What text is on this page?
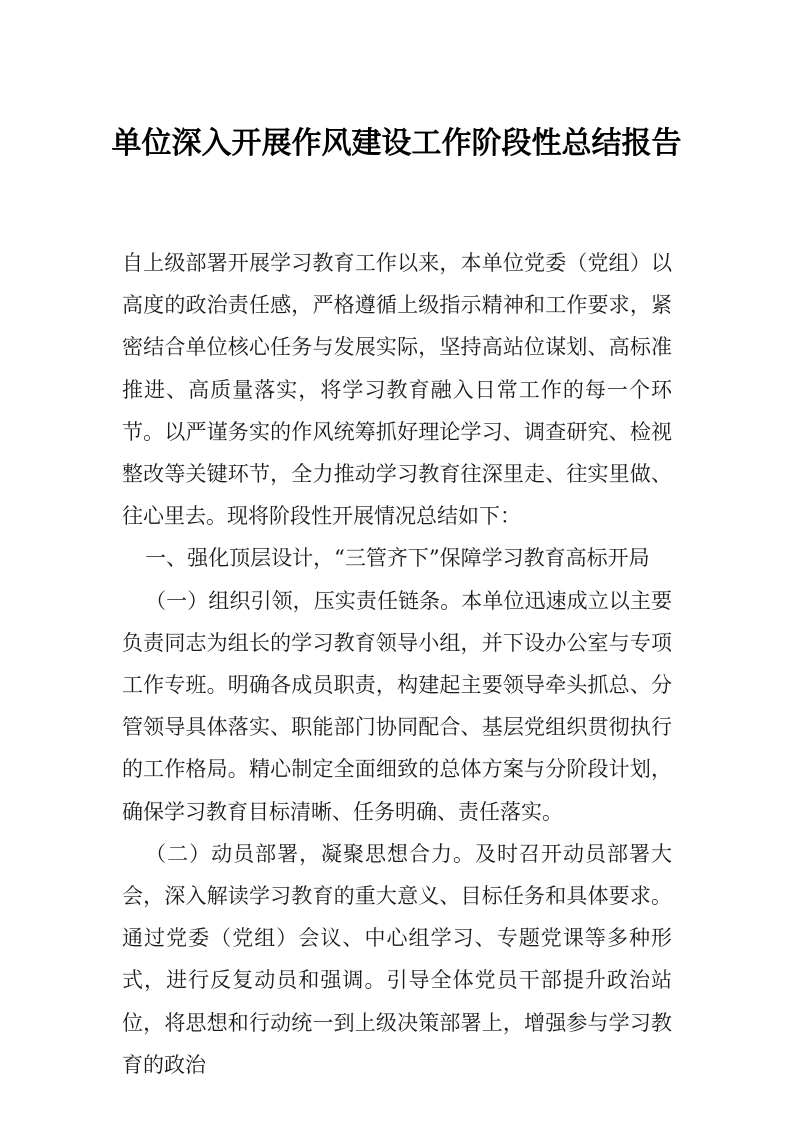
单位深入开展作风建设工作阶段性总结报告

自上级部署开展学习教育工作以来，本单位党委（党组）以高度的政治责任感，严格遵循上级指示精神和工作要求，紧密结合单位核心任务与发展实际，坚持高站位谋划、高标准推进、高质量落实，将学习教育融入日常工作的每一个环节。以严谨务实的作风统筹抓好理论学习、调查研究、检视整改等关键环节，全力推动学习教育往深里走、往实里做、往心里去。现将阶段性开展情况总结如下：

一、强化顶层设计，“三管齐下”保障学习教育高标开局

（一）组织引领，压实责任链条。本单位迅速成立以主要负责同志为组长的学习教育领导小组，并下设办公室与专项工作专班。明确各成员职责，构建起主要领导牵头抓总、分管领导具体落实、职能部门协同配合、基层党组织贯彻执行的工作格局。精心制定全面细致的总体方案与分阶段计划，确保学习教育目标清晰、任务明确、责任落实。

（二）动员部署，凝聚思想合力。及时召开动员部署大会，深入解读学习教育的重大意义、目标任务和具体要求。通过党委（党组）会议、中心组学习、专题党课等多种形式，进行反复动员和强调。引导全体党员干部提升政治站位，将思想和行动统一到上级决策部署上，增强参与学习教育的政治
